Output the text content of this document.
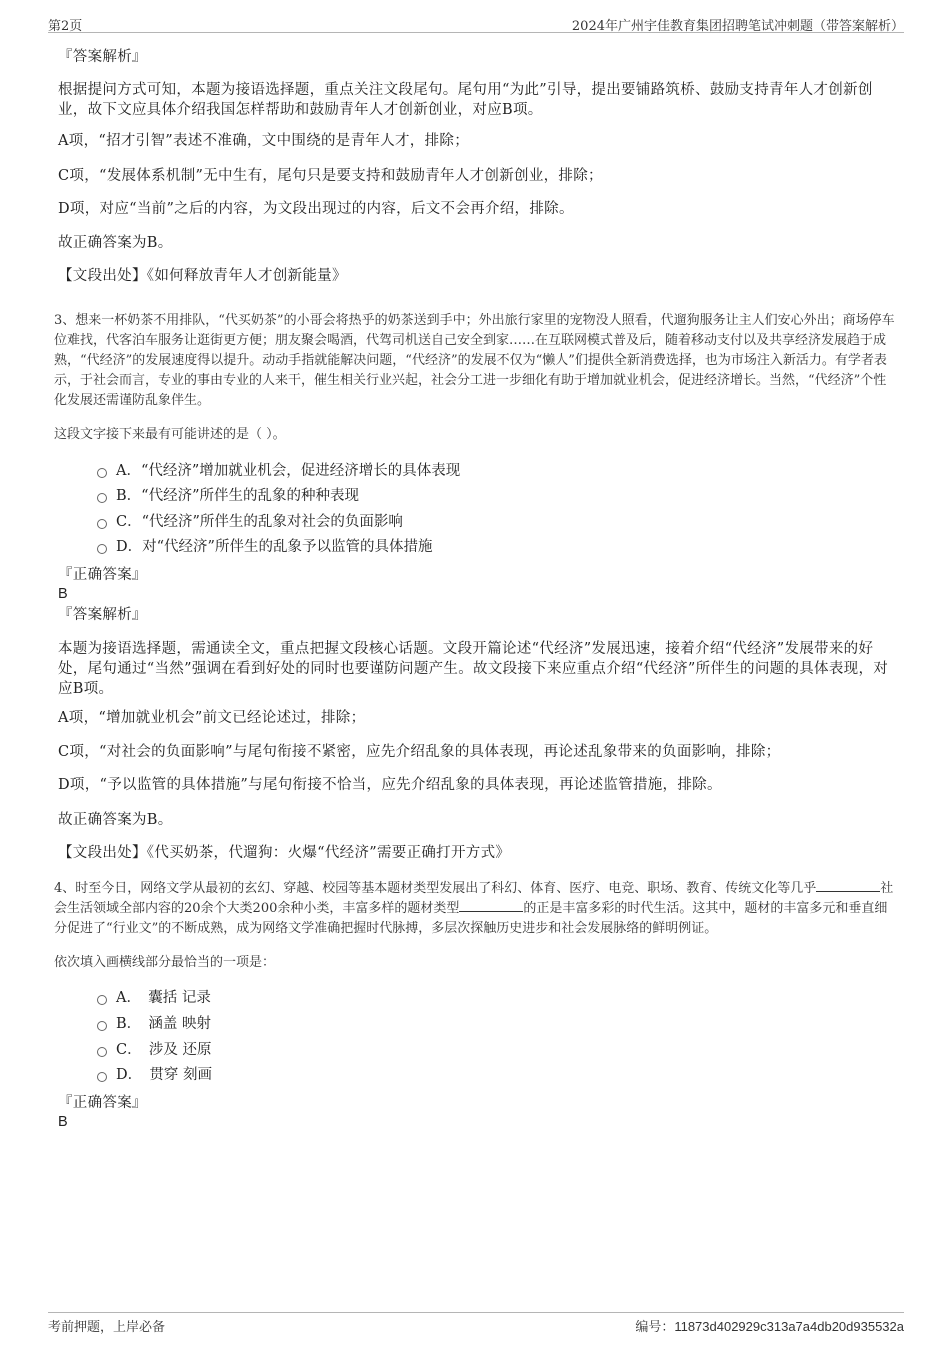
第2页	2024年广州宇佳教育集团招聘笔试冲刺题（带答案解析）
『答案解析』
根据提问方式可知，本题为接语选择题，重点关注文段尾句。尾句用“为此”引导，提出要铺路筑桥、鼓励支持青年人才创新创业，故下文应具体介绍我国怎样帮助和鼓励青年人才创新创业，对应B项。
A项，“招才引智”表述不准确，文中围绕的是青年人才，排除；
C项，“发展体系机制”无中生有，尾句只是要支持和鼓励青年人才创新创业，排除；
D项，对应“当前”之后的内容，为文段出现过的内容，后文不会再介绍，排除。
故正确答案为B。
【文段出处】《如何释放青年人才创新能量》
3、想来一杯奶茶不用排队，“代买奶茶”的小哥会将热乎的奶茶送到手中；外出旅行家里的宠物没人照看，代遛狗服务让主人们安心外出；商场停车位难找，代客泊车服务让逛街更方便；朋友聚会喝酒，代驾司机送自己安全到家……在互联网模式普及后，随着移动支付以及共享经济发展趋于成熟，“代经济”的发展速度得以提升。动动手指就能解决问题，“代经济”的发展不仅为“懒人”们提供全新消费选择，也为市场注入新活力。有学者表示，于社会而言，专业的事由专业的人来干，催生相关行业兴起，社会分工进一步细化有助于增加就业机会，促进经济增长。当然，“代经济”个性化发展还需谨防乱象伴生。
这段文字接下来最有可能讲述的是（ ）。
A．“代经济”增加就业机会，促进经济增长的具体表现
B．“代经济”所伴生的乱象的种种表现
C．“代经济”所伴生的乱象对社会的负面影响
D．对“代经济”所伴生的乱象予以监管的具体措施
『正确答案』
B
『答案解析』
本题为接语选择题，需通读全文，重点把握文段核心话题。文段开篇论述“代经济”发展迅速，接着介绍“代经济”发展带来的好处，尾句通过“当然”强调在看到好处的同时也要谨防问题产生。故文段接下来应重点介绍“代经济”所伴生的问题的具体表现，对应B项。
A项，“增加就业机会”前文已经论述过，排除；
C项，“对社会的负面影响”与尾句衔接不紧密，应先介绍乱象的具体表现，再论述乱象带来的负面影响，排除；
D项，“予以监管的具体措施”与尾句衔接不恰当，应先介绍乱象的具体表现，再论述监管措施，排除。
故正确答案为B。
【文段出处】《代买奶茶，代遛狗：火爆“代经济”需要正确打开方式》
4、时至今日，网络文学从最初的玄幻、穿越、校园等基本题材类型发展出了科幻、体育、医疗、电竞、职场、教育、传统文化等几乎	社会生活领域全部内容的20余个大类200余种小类，丰富多样的题材类型	的正是丰富多彩的时代生活。这其中，题材的丰富多元和垂直细分促进了“行业文”的不断成熟，成为网络文学准确把握时代脉搏，多层次探触历史进步和社会发展脉络的鲜明例证。
依次填入画横线部分最恰当的一项是：
A．　囊括 记录
B．　涵盖 映射
C．　涉及 还原
D．　贯穿 刻画
『正确答案』
B
考前押题，上岸必备	编号：11873d402929c313a7a4db20d935532a
